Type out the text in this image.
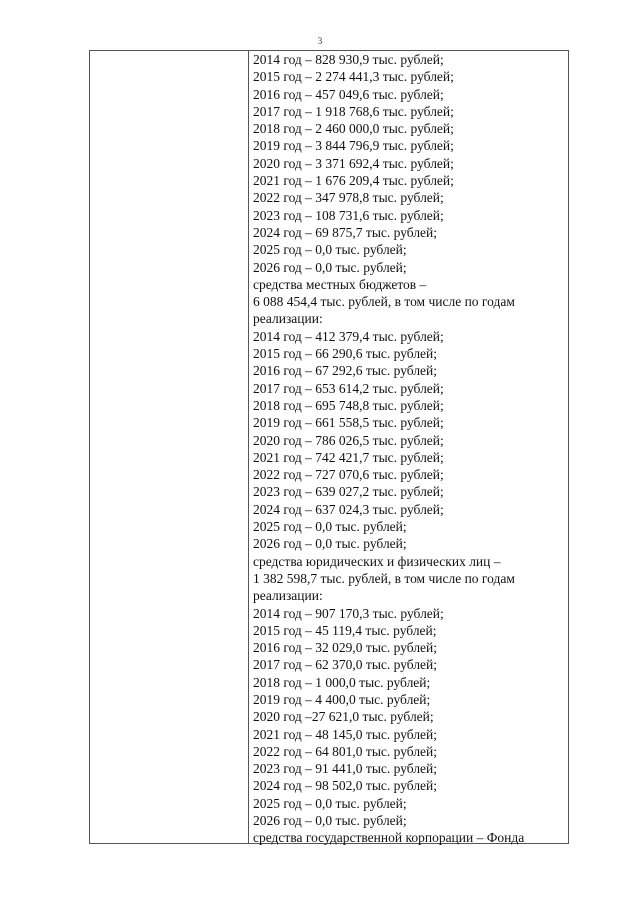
3
2014 год – 828 930,9 тыс. рублей;
2015 год – 2 274 441,3 тыс. рублей;
2016 год – 457 049,6 тыс. рублей;
2017 год – 1 918 768,6 тыс. рублей;
2018 год – 2 460 000,0 тыс. рублей;
2019 год – 3 844 796,9 тыс. рублей;
2020 год – 3 371 692,4 тыс. рублей;
2021 год – 1 676 209,4 тыс. рублей;
2022 год – 347 978,8 тыс. рублей;
2023 год – 108 731,6 тыс. рублей;
2024 год – 69 875,7 тыс. рублей;
2025 год – 0,0 тыс. рублей;
2026 год – 0,0 тыс. рублей;
средства местных бюджетов –
6 088 454,4 тыс. рублей, в том числе по годам
реализации:
2014 год – 412 379,4 тыс. рублей;
2015 год – 66 290,6 тыс. рублей;
2016 год – 67 292,6 тыс. рублей;
2017 год – 653 614,2 тыс. рублей;
2018 год – 695 748,8 тыс. рублей;
2019 год – 661 558,5 тыс. рублей;
2020 год – 786 026,5 тыс. рублей;
2021 год – 742 421,7 тыс. рублей;
2022 год – 727 070,6 тыс. рублей;
2023 год – 639 027,2 тыс. рублей;
2024 год – 637 024,3 тыс. рублей;
2025 год – 0,0 тыс. рублей;
2026 год – 0,0 тыс. рублей;
средства юридических и физических лиц –
1 382 598,7 тыс. рублей, в том числе по годам
реализации:
2014 год – 907 170,3 тыс. рублей;
2015 год – 45 119,4 тыс. рублей;
2016 год – 32 029,0 тыс. рублей;
2017 год – 62 370,0 тыс. рублей;
2018 год – 1 000,0 тыс. рублей;
2019 год – 4 400,0 тыс. рублей;
2020 год –27 621,0 тыс. рублей;
2021 год – 48 145,0 тыс. рублей;
2022 год – 64 801,0 тыс. рублей;
2023 год – 91 441,0 тыс. рублей;
2024 год – 98 502,0 тыс. рублей;
2025 год – 0,0 тыс. рублей;
2026 год – 0,0 тыс. рублей;
средства государственной корпорации – Фонда
